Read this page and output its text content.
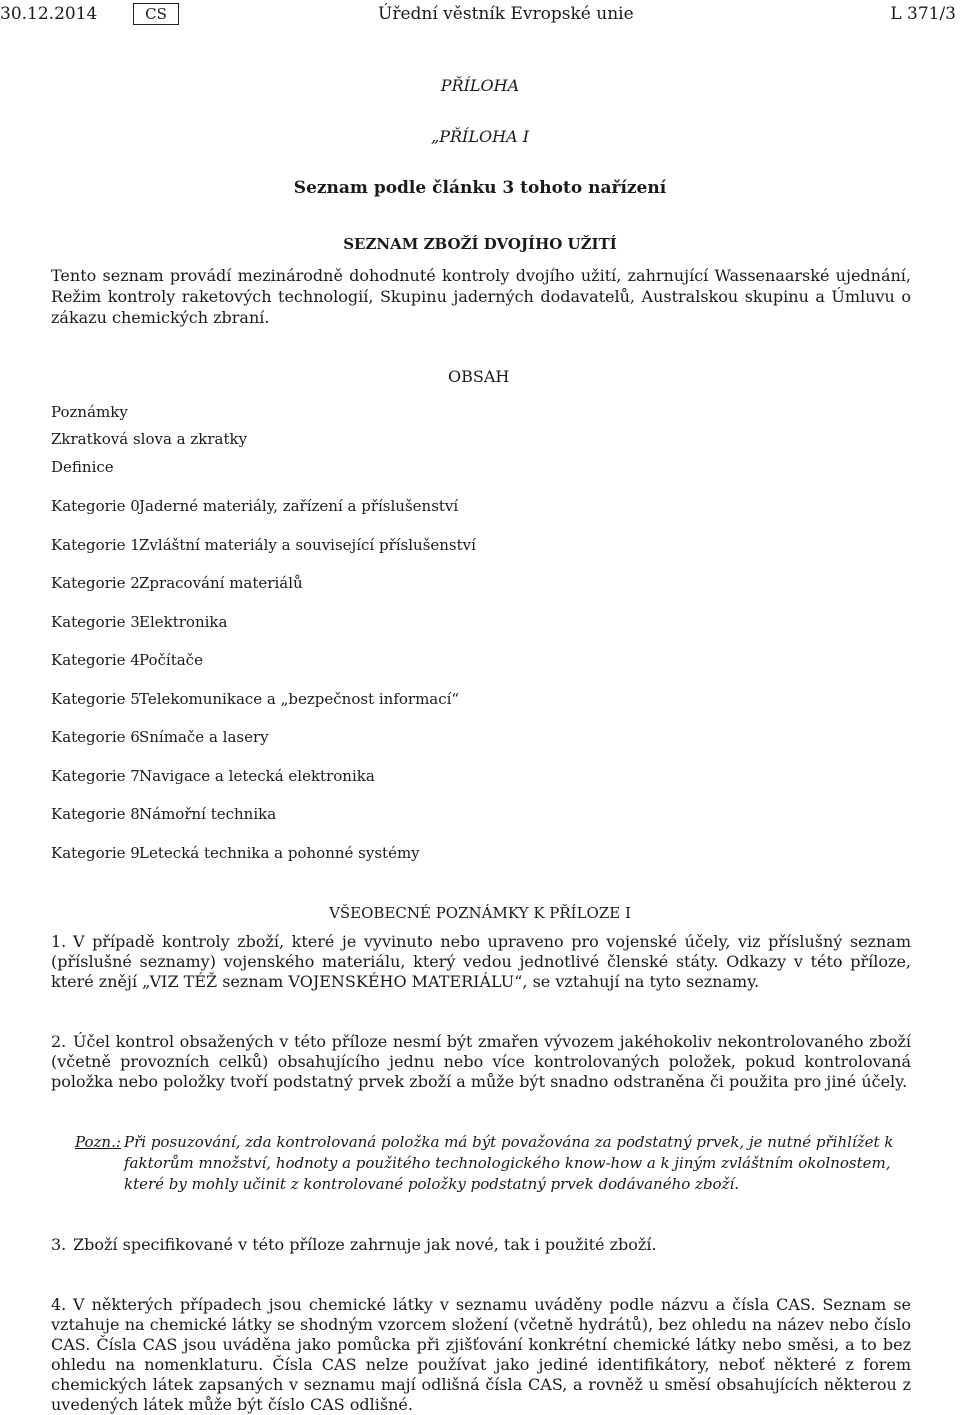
30.12.2014	CS	Úřední věstník Evropské unie	L 371/3
PŘÍLOHA
„PŘÍLOHA I
Seznam podle článku 3 tohoto nařízení
SEZNAM ZBOŽÍ DVOJÍHO UŽITÍ
Tento seznam provádí mezinárodně dohodnuté kontroly dvojího užití, zahrnující Wassenaarské ujednání, Režim kontroly raketových technologií, Skupinu jaderných dodavatelů, Australskou skupinu a Úmluvu o zákazu chemických zbraní.
OBSAH
Poznámky
Zkratková slova a zkratky
Definice
Kategorie 0 Jaderné materiály, zařízení a příslušenství
Kategorie 1 Zvláštní materiály a související příslušenství
Kategorie 2 Zpracování materiálů
Kategorie 3 Elektronika
Kategorie 4 Počítače
Kategorie 5 Telekomunikace a „bezpečnost informací“
Kategorie 6 Snímače a lasery
Kategorie 7 Navigace a letecká elektronika
Kategorie 8 Námořní technika
Kategorie 9 Letecká technika a pohonné systémy
VŠEOBECNÉ POZNÁMKY K PŘÍLOZE I
1. V případě kontroly zboží, které je vyvinuto nebo upraveno pro vojenské účely, viz příslušný seznam (příslušné seznamy) vojenského materiálu, který vedou jednotlivé členské státy. Odkazy v této příloze, které znějí „VIZ TÉŽ seznam VOJENSKÉHO MATERIÁLU“, se vztahují na tyto seznamy.
2. Účel kontrol obsažených v této příloze nesmí být zmařen vývozem jakéhokoliv nekontrolovaného zboží (včetně provozních celků) obsahujícího jednu nebo více kontrolovaných položek, pokud kontrolovaná položka nebo položky tvoří podstatný prvek zboží a může být snadno odstraněna či použita pro jiné účely.
Pozn.: Při posuzování, zda kontrolovaná položka má být považována za podstatný prvek, je nutné přihlížet k faktorům množství, hodnoty a použitého technologického know-how a k jiným zvláštním okolnostem, které by mohly učinit z kontrolované položky podstatný prvek dodávaného zboží.
3. Zboží specifikované v této příloze zahrnuje jak nové, tak i použité zboží.
4. V některých případech jsou chemické látky v seznamu uváděny podle názvu a čísla CAS. Seznam se vztahuje na chemické látky se shodným vzorcem složení (včetně hydrátů), bez ohledu na název nebo číslo CAS. Čísla CAS jsou uváděna jako pomůcka při zjišťování konkrétní chemické látky nebo směsi, a to bez ohledu na nomenklaturu. Čísla CAS nelze používat jako jediné identifikátory, neboť některé z forem chemických látek zapsaných v seznamu mají odlišná čísla CAS, a rovněž u směsí obsahujících některou z uvedených látek může být číslo CAS odlišné.
